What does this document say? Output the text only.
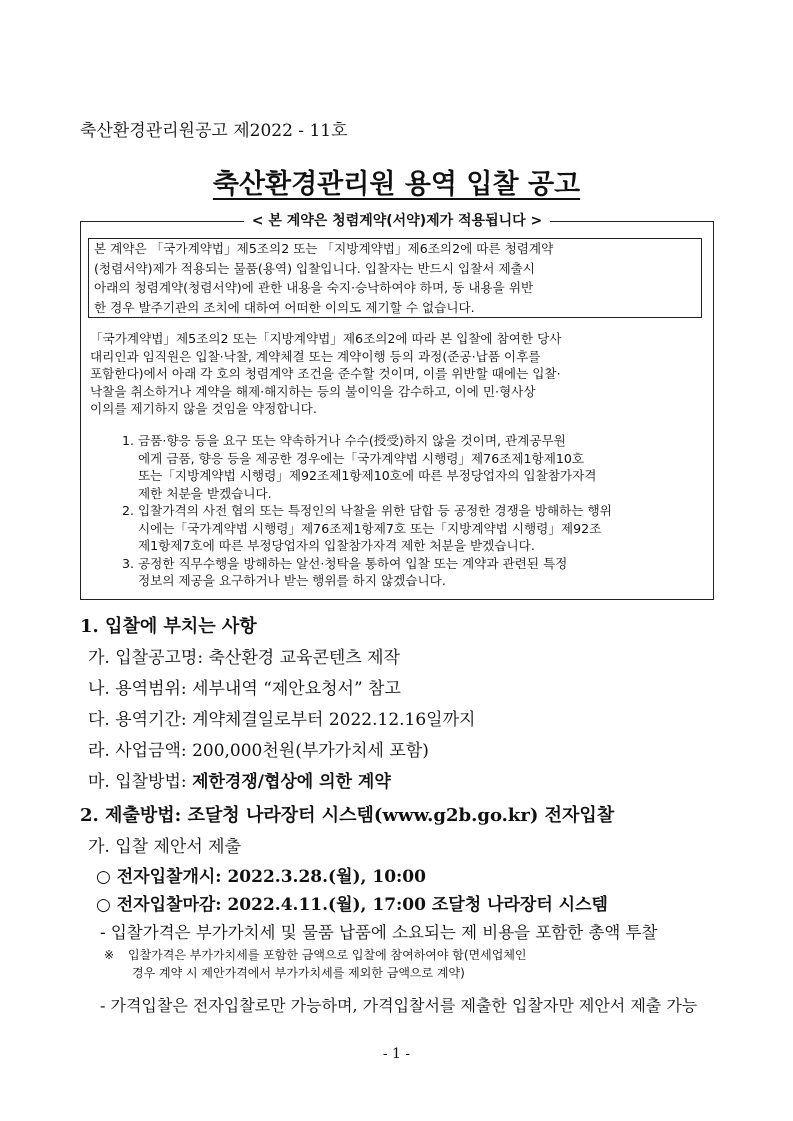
축산환경관리원공고 제2022 - 11호
축산환경관리원 용역 입찰 공고
< 본 계약은 청렴계약(서약)제가 적용됩니다 >
본 계약은 「국가계약법」제5조의2 또는 「지방계약법」제6조의2에 따른 청렴계약
(청렴서약)제가 적용되는 물품(용역) 입찰입니다. 입찰자는 반드시 입찰서 제출시
아래의 청렴계약(청렴서약)에 관한 내용을 숙지·승낙하여야 하며, 동 내용을 위반
한 경우 발주기관의 조치에 대하여 어떠한 이의도 제기할 수 없습니다.
「국가계약법」제5조의2 또는「지방계약법」제6조의2에 따라 본 입찰에 참여한 당사
대리인과 임직원은 입찰·낙찰, 계약체결 또는 계약이행 등의 과정(준공·납품 이후를
포함한다)에서 아래 각 호의 청렴계약 조건을 준수할 것이며, 이를 위반할 때에는 입찰·
낙찰을 취소하거나 계약을 해제·해지하는 등의 불이익을 감수하고, 이에 민·형사상
이의를 제기하지 않을 것임을 약정합니다.
1. 금품·향응 등을 요구 또는 약속하거나 수수(授受)하지 않을 것이며, 관계공무원
에게 금품, 향응 등을 제공한 경우에는「국가계약법 시행령」제76조제1항제10호
또는「지방계약법 시행령」제92조제1항제10호에 따른 부정당업자의 입찰참가자격
제한 처분을 받겠습니다.
2. 입찰가격의 사전 협의 또는 특정인의 낙찰을 위한 담합 등 공정한 경쟁을 방해하는 행위
시에는「국가계약법 시행령」제76조제1항제7호 또는「지방계약법 시행령」제92조
제1항제7호에 따른 부정당업자의 입찰참가자격 제한 처분을 받겠습니다.
3. 공정한 직무수행을 방해하는 알선·청탁을 통하여 입찰 또는 계약과 관련된 특정
정보의 제공을 요구하거나 받는 행위를 하지 않겠습니다.
1. 입찰에 부치는 사항
가. 입찰공고명: 축산환경 교육콘텐츠 제작
나. 용역범위: 세부내역 “제안요청서” 참고
다. 용역기간: 계약체결일로부터 2022.12.16일까지
라. 사업금액: 200,000천원(부가가치세 포함)
마. 입찰방법: 제한경쟁/협상에 의한 계약
2. 제출방법: 조달청 나라장터 시스템(www.g2b.go.kr) 전자입찰
가. 입찰 제안서 제출
○ 전자입찰개시: 2022.3.28.(월), 10:00
○ 전자입찰마감: 2022.4.11.(월), 17:00 조달청 나라장터 시스템
- 입찰가격은 부가가치세 및 물품 납품에 소요되는 제 비용을 포함한 총액 투찰
※ 입찰가격은 부가가치세를 포함한 금액으로 입찰에 참여하여야 함(면세업체인
경우 계약 시 제안가격에서 부가가치세를 제외한 금액으로 계약)
- 가격입찰은 전자입찰로만 가능하며, 가격입찰서를 제출한 입찰자만 제안서 제출 가능
- 1 -
